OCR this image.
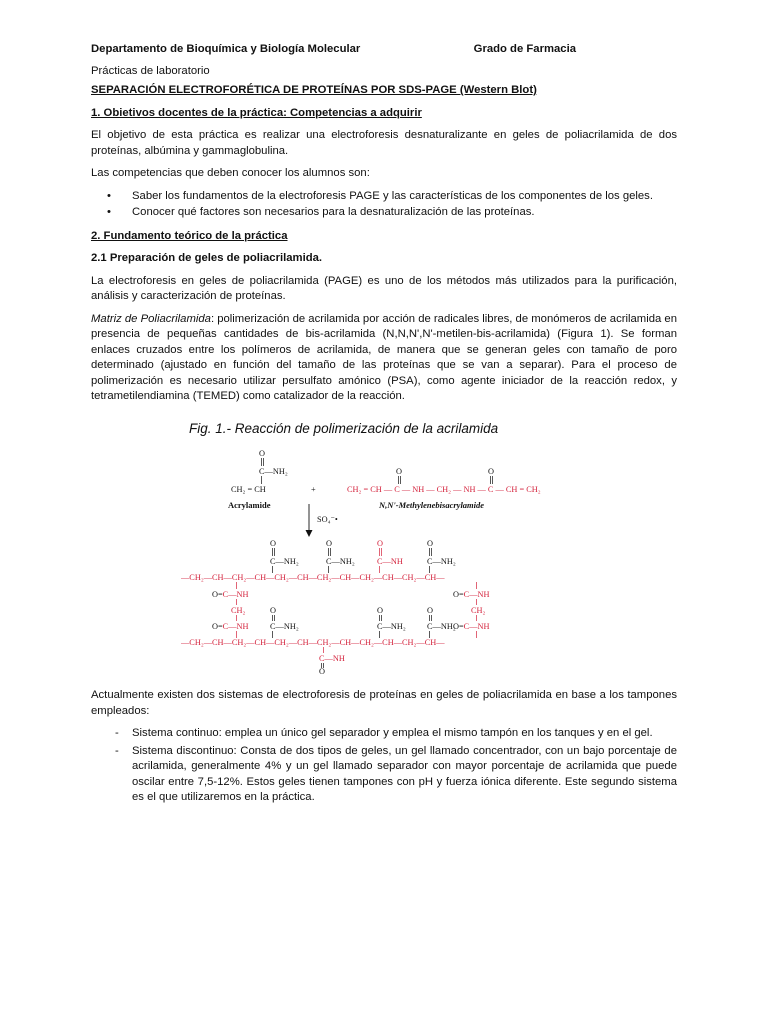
Departamento de Bioquímica y Biología Molecular	Grado de Farmacia
Prácticas de laboratorio
SEPARACIÓN ELECTROFORÉTICA DE PROTEÍNAS POR SDS-PAGE (Western Blot)
1. Obietivos docentes de la práctica: Competencias a adquirir

El objetivo de esta práctica es realizar una electroforesis desnaturalizante en geles de poliacrilamida de dos proteínas, albúmina y gammaglobulina.

Las competencias que deben conocer los alumnos son:

• Saber los fundamentos de la electroforesis PAGE y las características de los componentes de los geles.
• Conocer qué factores son necesarios para la desnaturalización de las proteínas.
2. Fundamento teórico de la práctica
2.1 Preparación de geles de poliacrilamida.

La electroforesis en geles de poliacrilamida (PAGE) es uno de los métodos más utilizados para la purificación, análisis y caracterización de proteínas.

Matriz de Poliacrilamida: polimerización de acrilamida por acción de radicales libres, de monómeros de acrilamida en presencia de pequeñas cantidades de bis-acrilamida (N,N,N',N'-metilen-bis-acrilamida) (Figura 1). Se forman enlaces cruzados entre los polímeros de acrilamida, de manera que se generan geles con tamaño de poro determinado (ajustado en función del tamaño de las proteínas que se van a separar). Para el proceso de polimerización es necesario utilizar persulfato amónico (PSA), como agente iniciador de la reacción redox, y tetrametilendiamina (TEMED) como catalizador de la reacción.

Fig. 1.- Reacción de polimerización de la acrilamida
O
C—NH₂
CH₂ = CH
Acrylamide
+
O	O
CH₂ = CH — C — NH — CH₂ — NH — C — CH = CH₂
N,N'-Methylenebisacrylamide
SO₄⁻•
O
C—NH₂
O
C—NH₂
O
C—NH
O
C—NH₂
—CH₂—CH—CH₂—CH—CH₂—CH—CH₂—CH—CH₂—CH—CH₂—CH—
O=C—NH
CH₂
O=C—NH
O=C—NH
CH₂
O=C—NH
O
C—NH₂
O
C—NH₂
O
C—NH₂
—CH₂—CH—CH₂—CH—CH₂—CH—CH₂—CH—CH₂—CH—CH₂—CH—
C—NH
O

Actualmente existen dos sistemas de electroforesis de proteínas en geles de poliacrilamida en base a los tampones empleados:

- Sistema continuo: emplea un único gel separador y emplea el mismo tampón en los tanques y en el gel.
- Sistema discontinuo: Consta de dos tipos de geles, un gel llamado concentrador, con un bajo porcentaje de acrilamida, generalmente 4% y un gel llamado separador con mayor porcentaje de acrilamida que puede oscilar entre 7,5-12%. Estos geles tienen tampones con pH y fuerza iónica diferente. Este segundo sistema es el que utilizaremos en la práctica.
